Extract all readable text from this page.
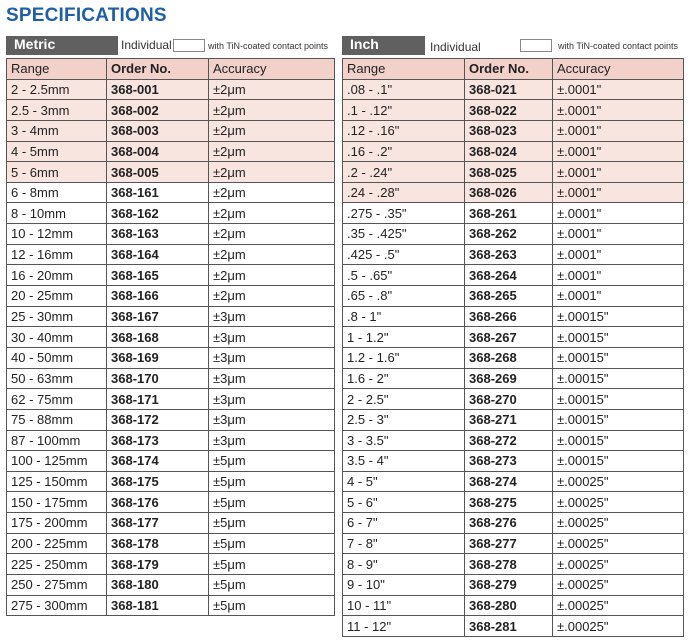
SPECIFICATIONS
Metric	Individual	with TiN-coated contact points
Range	Order No.	Accuracy
2 - 2.5mm	368-001	±2μm
2.5 - 3mm	368-002	±2μm
3 - 4mm	368-003	±2μm
4 - 5mm	368-004	±2μm
5 - 6mm	368-005	±2μm
6 - 8mm	368-161	±2μm
8 - 10mm	368-162	±2μm
10 - 12mm	368-163	±2μm
12 - 16mm	368-164	±2μm
16 - 20mm	368-165	±2μm
20 - 25mm	368-166	±2μm
25 - 30mm	368-167	±3μm
30 - 40mm	368-168	±3μm
40 - 50mm	368-169	±3μm
50 - 63mm	368-170	±3μm
62 - 75mm	368-171	±3μm
75 - 88mm	368-172	±3μm
87 - 100mm	368-173	±3μm
100 - 125mm	368-174	±5μm
125 - 150mm	368-175	±5μm
150 - 175mm	368-176	±5μm
175 - 200mm	368-177	±5μm
200 - 225mm	368-178	±5μm
225 - 250mm	368-179	±5μm
250 - 275mm	368-180	±5μm
275 - 300mm	368-181	±5μm
Inch	Individual	with TiN-coated contact points
Range	Order No.	Accuracy
.08 - .1"	368-021	±.0001"
.1 - .12"	368-022	±.0001"
.12 - .16"	368-023	±.0001"
.16 - .2"	368-024	±.0001"
.2 - .24"	368-025	±.0001"
.24 - .28"	368-026	±.0001"
.275 - .35"	368-261	±.0001"
.35 - .425"	368-262	±.0001"
.425 - .5"	368-263	±.0001"
.5 - .65"	368-264	±.0001"
.65 - .8"	368-265	±.0001"
.8 - 1"	368-266	±.00015"
1 - 1.2"	368-267	±.00015"
1.2 - 1.6"	368-268	±.00015"
1.6 - 2"	368-269	±.00015"
2 - 2.5"	368-270	±.00015"
2.5 - 3"	368-271	±.00015"
3 - 3.5"	368-272	±.00015"
3.5 - 4"	368-273	±.00015"
4 - 5"	368-274	±.00025"
5 - 6"	368-275	±.00025"
6 - 7"	368-276	±.00025"
7 - 8"	368-277	±.00025"
8 - 9"	368-278	±.00025"
9 - 10"	368-279	±.00025"
10 - 11"	368-280	±.00025"
11 - 12"	368-281	±.00025"
